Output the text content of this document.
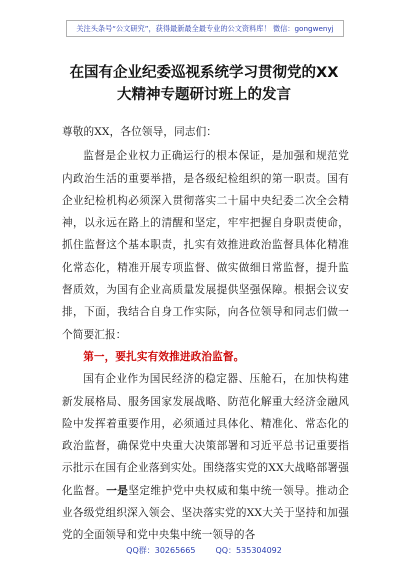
关注头条号“公文研究”，获得最新最全最专业的公文资料库！ 微信：gongwenyj
在国有企业纪委巡视系统学习贯彻党的XX
大精神专题研讨班上的发言

尊敬的XX，各位领导，同志们：

监督是企业权力正确运行的根本保证，是加强和规范党内政治生活的重要举措，是各级纪检组织的第一职责。国有企业纪检机构必须深入贯彻落实二十届中央纪委二次全会精神，以永远在路上的清醒和坚定，牢牢把握自身职责使命，抓住监督这个基本职责，扎实有效推进政治监督具体化精准化常态化，精准开展专项监督、做实做细日常监督，提升监督质效，为国有企业高质量发展提供坚强保障。根据会议安排，下面，我结合自身工作实际，向各位领导和同志们做一个简要汇报：

第一，要扎实有效推进政治监督。

国有企业作为国民经济的稳定器、压舱石，在加快构建新发展格局、服务国家发展战略、防范化解重大经济金融风险中发挥着重要作用，必须通过具体化、精准化、常态化的政治监督，确保党中央重大决策部署和习近平总书记重要指示批示在国有企业落到实处。围绕落实党的XX大战略部署强化监督。一是坚定维护党中央权威和集中统一领导。推动企业各级党组织深入领会、坚决落实党的XX大关于坚持和加强党的全面领导和党中央集中统一领导的各

QQ群：30265665	QQ：535304092
